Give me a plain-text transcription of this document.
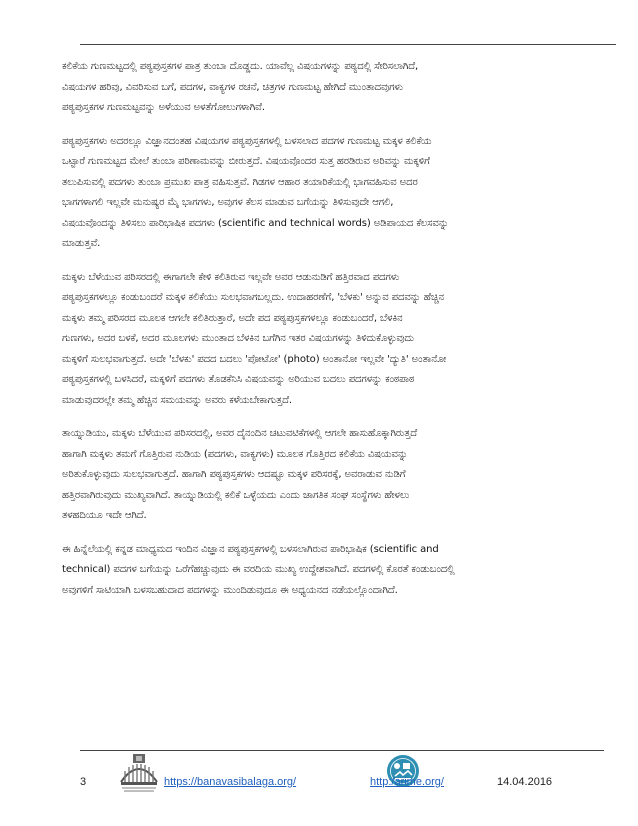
ಕಲಿಕೆಯ ಗುಣಮಟ್ಟದಲ್ಲಿ ಪಠ್ಯಪುಸ್ತಕಗಳ ಪಾತ್ರ ತುಂಬಾ ದೊಡ್ಡದು. ಯಾವೆಲ್ಲ ವಿಷಯಗಳನ್ನು ಪಠ್ಯದಲ್ಲಿ ಸೇರಿಸಲಾಗಿದೆ,
ವಿಷಯಗಳ ಹರಿವು, ವಿವರಿಸುವ ಬಗೆ, ಪದಗಳ, ವಾಕ್ಯಗಳ ರಚನೆ, ಚಿತ್ರಗಳ ಗುಣಮಟ್ಟ ಹೇಗಿದೆ ಮುಂತಾದವುಗಳು
ಪಠ್ಯಪುಸ್ತಕಗಳ ಗುಣಮಟ್ಟವನ್ನು ಅಳೆಯುವ ಅಳತೆಗೋಲುಗಳಾಗಿವೆ.

ಪಠ್ಯಪುಸ್ತಕಗಳು ಅದರಲ್ಲೂ ವಿಜ್ಞಾನದಂತಹ ವಿಷಯಗಳ ಪಠ್ಯಪುಸ್ತಕಗಳಲ್ಲಿ ಬಳಸಲಾದ ಪದಗಳ ಗುಣಮಟ್ಟ ಮಕ್ಕಳ ಕಲಿಕೆಯ
ಒಟ್ಟಾರೆ ಗುಣಮಟ್ಟದ ಮೇಲೆ ತುಂಬಾ ಪರಿಣಾಮವನ್ನು ಬೀರುತ್ತದೆ. ವಿಷಯವೊಂದರ ಸುತ್ತ ಹರಡಿರುವ ಅರಿವನ್ನು ಮಕ್ಕಳಿಗೆ
ತಲುಪಿಸುವಲ್ಲಿ ಪದಗಳು ತುಂಬಾ ಪ್ರಮುಖ ಪಾತ್ರ ವಹಿಸುತ್ತವೆ. ಗಿಡಗಳ ಆಹಾರ ತಯಾರಿಕೆಯಲ್ಲಿ ಭಾಗವಹಿಸುವ ಅದರ
ಭಾಗಗಳಾಗಲಿ ಇಲ್ಲವೇ ಮನುಷ್ಯರ ಮೈ ಭಾಗಗಳು, ಅವುಗಳ ಕೆಲಸ ಮಾಡುವ ಬಗೆಯನ್ನು ತಿಳಿಸುವುದೇ ಆಗಲಿ,
ವಿಷಯವೊಂದನ್ನು ತಿಳಿಸಲು ಪಾರಿಭಾಷಿಕ ಪದಗಳು (scientific and technical words) ಅಡಿಪಾಯದ ಕೆಲಸವನ್ನು
ಮಾಡುತ್ತವೆ.

ಮಕ್ಕಳು ಬೆಳೆಯುವ ಪರಿಸರದಲ್ಲಿ ಈಗಾಗಲೇ ಕೇಳಿ ಕಲಿತಿರುವ ಇಲ್ಲವೇ ಅವರ ಆಡುನುಡಿಗೆ ಹತ್ತಿರವಾದ ಪದಗಳು
ಪಠ್ಯಪುಸ್ತಕಗಳಲ್ಲೂ ಕಂಡುಬಂದರೆ ಮಕ್ಕಳ ಕಲಿಕೆಯು ಸುಲಭವಾಗಬಲ್ಲದು. ಉದಾಹರಣೆಗೆ, 'ಬೆಳಕು' ಅನ್ನುವ ಪದವನ್ನು ಹೆಚ್ಚಿನ
ಮಕ್ಕಳು ತಮ್ಮ ಪರಿಸರದ ಮೂಲಕ ಆಗಲೇ ಕಲಿತಿರುತ್ತಾರೆ, ಅದೇ ಪದ ಪಠ್ಯಪುಸ್ತಕಗಳಲ್ಲೂ ಕಂಡುಬಂದರೆ, ಬೆಳಕಿನ
ಗುಣಗಳು, ಅದರ ಬಳಕೆ, ಅದರ ಮೂಲಗಳು ಮುಂತಾದ ಬೆಳಕಿನ ಬಗೆಗಿನ ಇತರ ವಿಷಯಗಳನ್ನು ತಿಳಿದುಕೊಳ್ಳುವುದು
ಮಕ್ಕಳಿಗೆ ಸುಲಭವಾಗುತ್ತದೆ. ಅದೇ 'ಬೆಳಕು' ಪದದ ಬದಲು 'ಪೋಟೋ' (photo) ಅಂತಾನೋ ಇಲ್ಲವೇ 'ದ್ಯುತಿ' ಅಂತಾನೋ
ಪಠ್ಯಪುಸ್ತಕಗಳಲ್ಲಿ ಬಳಸಿದರೆ, ಮಕ್ಕಳಿಗೆ ಪದಗಳು ತೊಡಕೆನಿಸಿ ವಿಷಯವನ್ನು ಅರಿಯುವ ಬದಲು ಪದಗಳನ್ನು ಕಂಠಪಾಠ
ಮಾಡುವುದರಲ್ಲೇ ತಮ್ಮ ಹೆಚ್ಚಿನ ಸಮಯವನ್ನು ಅವರು ಕಳೆಯಬೇಕಾಗುತ್ತದೆ.

ತಾಯ್ನುಡಿಯು, ಮಕ್ಕಳು ಬೆಳೆಯುವ ಪರಿಸರದಲ್ಲಿ, ಅವರ ದೈನಂದಿನ ಚಟುವಟಿಕೆಗಳಲ್ಲಿ ಆಗಲೇ ಹಾಸುಹೊಕ್ಕಾಗಿರುತ್ತದೆ
ಹಾಗಾಗಿ ಮಕ್ಕಳು ತಮಗೆ ಗೊತ್ತಿರುವ ನುಡಿಯ (ಪದಗಳು, ವಾಕ್ಯಗಳು) ಮೂಲಕ ಗೊತ್ತಿರದ ಕಲಿಕೆಯ ವಿಷಯವನ್ನು
ಅರಿತುಕೊಳ್ಳುವುದು ಸುಲಭವಾಗುತ್ತದೆ. ಹಾಗಾಗಿ ಪಠ್ಯಪುಸ್ತಕಗಳು ಆದಷ್ಟೂ ಮಕ್ಕಳ ಪರಿಸರಕ್ಕೆ, ಅವರಾಡುವ ನುಡಿಗೆ
ಹತ್ತಿರವಾಗಿರುವುದು ಮುಖ್ಯವಾಗಿದೆ. ತಾಯ್ನುಡಿಯಲ್ಲಿ ಕಲಿಕೆ ಒಳ್ಳೆಯದು ಎಂದು ಜಾಗತಿಕ ಸಂಘ ಸಂಸ್ಥೆಗಳು ಹೇಳಲು
ತಳಹದಿಯೂ ಇದೇ ಆಗಿದೆ.

ಈ ಹಿನ್ನೆಲೆಯಲ್ಲಿ ಕನ್ನಡ ಮಾಧ್ಯಮದ ಇಂದಿನ ವಿಜ್ಞಾನ ಪಠ್ಯಪುಸ್ತಕಗಳಲ್ಲಿ ಬಳಸಲಾಗಿರುವ ಪಾರಿಭಾಷಿಕ (scientific and
technical) ಪದಗಳ ಬಗೆಯನ್ನು ಒರೆಗೆಹಚ್ಚುವುದು ಈ ವರದಿಯ ಮುಖ್ಯ ಉದ್ದೇಶವಾಗಿದೆ. ಪದಗಳಲ್ಲಿ ಕೊರತೆ ಕಂಡುಬಂದಲ್ಲಿ
ಅವುಗಳಿಗೆ ಸಾಟಿಯಾಗಿ ಬಳಸಬಹುದಾದ ಪದಗಳನ್ನು ಮುಂದಿಡುವುದೂ ಈ ಅಧ್ಯಯನದ ನಡೆಯಲ್ಲೊಂದಾಗಿದೆ.

3	https://banavasibalaga.org/	http:/arime.org/	14.04.2016
